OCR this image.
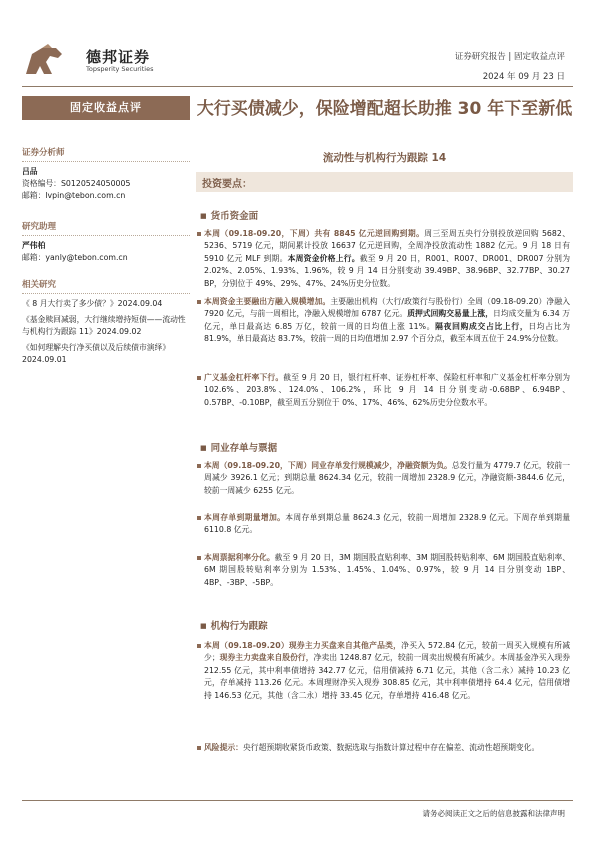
德邦证券
Topsperity Securities
证券研究报告 | 固定收益点评
2024 年 09 月 23 日
固定收益点评
证券分析师

吕品

资格编号：S0120524050005

邮箱：lvpin@tebon.com.cn

研究助理

严伟柏

邮箱：yanly@tebon.com.cn

相关研究
《 8 月大行卖了多少债？》2024.09.04
《基金赎回减弱，大行继续增持短债——流动性与机构行为跟踪 11》2024.09.02
《如何理解央行净买债以及后续债市演绎》2024.09.01
大行买债减少，保险增配超长助推 30 年下至新低
流动性与机构行为跟踪 14
投资要点：
■ 货币资金面
本周（09.18-09.20，下周）共有 8845 亿元逆回购到期。周三至周五央行分别投放逆回购 5682、5236、5719 亿元，期间累计投放 16637 亿元逆回购，全周净投放流动性 1882 亿元。9 月 18 日有 5910 亿元 MLF 到期。本周资金价格上行。截至 9 月 20 日，R001、R007、DR001、DR007 分别为 2.02%、2.05%、1.93%、1.96%，较 9 月 14 日分别变动 39.49BP、38.96BP、32.77BP、30.27 BP，分别位于 49%、29%、47%、24%历史分位数。
本周资金主要融出方融入规模增加。主要融出机构（大行/政策行与股份行）全周（09.18-09.20）净融入 7920 亿元，与前一周相比，净融入规模增加 6787 亿元。质押式回购交易量上涨，日均成交量为 6.34 万亿元，单日最高达 6.85 万亿，较前一周的日均值上涨 11%。隔夜回购成交占比上行，日均占比为 81.9%，单日最高达 83.7%，较前一周的日均值增加 2.97 个百分点，截至本周五位于 24.9%分位数。
广义基金杠杆率下行。截至 9 月 20 日，银行杠杆率、证券杠杆率、保险杠杆率和广义基金杠杆率分别为 102.6%、203.8%、124.0%、106.2%，环比 9 月 14 日分别变动-0.68BP、6.94BP、0.57BP、-0.10BP，截至周五分别位于 0%、17%、46%、62%历史分位数水平。
■ 同业存单与票据
本周（09.18-09.20，下周）同业存单发行规模减少，净融资额为负。总发行量为 4779.7 亿元，较前一周减少 3926.1 亿元；到期总量 8624.34 亿元，较前一周增加 2328.9 亿元，净融资额-3844.6 亿元，较前一周减少 6255 亿元。
本周存单到期量增加。本周存单到期总量 8624.3 亿元，较前一周增加 2328.9 亿元。下周存单到期量 6110.8 亿元。
本周票据利率分化。截至 9 月 20 日，3M 期国股直贴利率、3M 期国股转贴利率、6M 期国股直贴利率、6M 期国股转贴利率分别为 1.53%、1.45%、1.04%、0.97%，较 9 月 14 日分别变动 1BP、4BP、-3BP、-5BP。
■ 机构行为跟踪
本周（09.18-09.20）现券主力买盘来自其他产品类，净买入 572.84 亿元，较前一周买入规模有所减少；现券主力卖盘来自股份行，净卖出 1248.87 亿元，较前一周卖出规模有所减少。本周基金净买入现券 212.55 亿元，其中利率债增持 342.77 亿元，信用债减持 6.71 亿元，其他（含二永）减持 10.23 亿元，存单减持 113.26 亿元。本周理财净买入现券 308.85 亿元，其中利率债增持 64.4 亿元，信用债增持 146.53 亿元，其他（含二永）增持 33.45 亿元，存单增持 416.48 亿元。
风险提示：央行超预期收紧货币政策、数据选取与指数计算过程中存在偏差、流动性超预期变化。
请务必阅读正文之后的信息披露和法律声明
